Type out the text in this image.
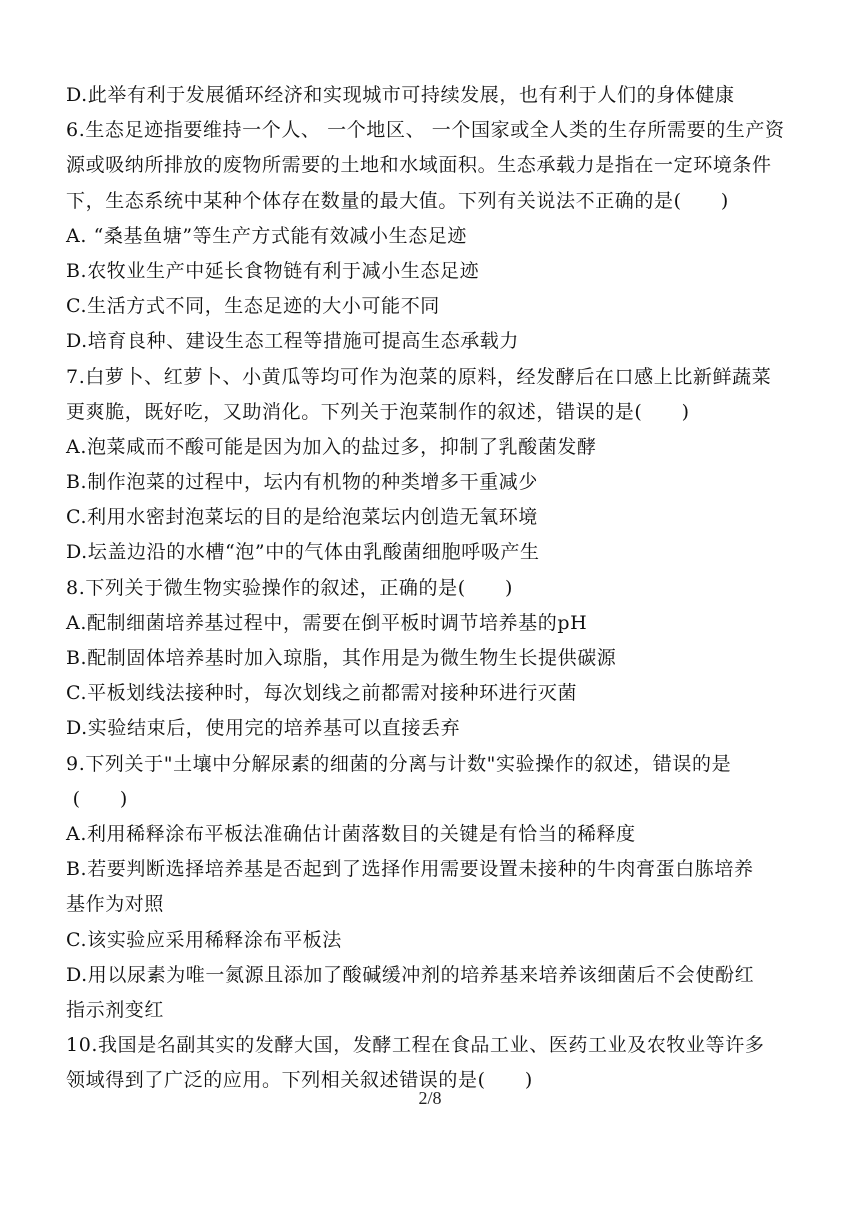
D.此举有利于发展循环经济和实现城市可持续发展，也有利于人们的身体健康
6.生态足迹指要维持一个人、 一个地区、 一个国家或全人类的生存所需要的生产资
源或吸纳所排放的废物所需要的土地和水域面积。生态承载力是指在一定环境条件
下，生态系统中某种个体存在数量的最大值。下列有关说法不正确的是(　　)
A. “桑基鱼塘”等生产方式能有效减小生态足迹
B.农牧业生产中延长食物链有利于减小生态足迹
C.生活方式不同，生态足迹的大小可能不同
D.培育良种、建设生态工程等措施可提高生态承载力
7.白萝卜、红萝卜、小黄瓜等均可作为泡菜的原料，经发酵后在口感上比新鲜蔬菜
更爽脆，既好吃，又助消化。下列关于泡菜制作的叙述，错误的是(　　)
A.泡菜咸而不酸可能是因为加入的盐过多，抑制了乳酸菌发酵
B.制作泡菜的过程中，坛内有机物的种类增多干重减少
C.利用水密封泡菜坛的目的是给泡菜坛内创造无氧环境
D.坛盖边沿的水槽“泡”中的气体由乳酸菌细胞呼吸产生
8.下列关于微生物实验操作的叙述，正确的是(　　)
A.配制细菌培养基过程中，需要在倒平板时调节培养基的pH
B.配制固体培养基时加入琼脂，其作用是为微生物生长提供碳源
C.平板划线法接种时，每次划线之前都需对接种环进行灭菌
D.实验结束后，使用完的培养基可以直接丢弃
9.下列关于"土壤中分解尿素的细菌的分离与计数"实验操作的叙述，错误的是
(　　)
A.利用稀释涂布平板法准确估计菌落数目的关键是有恰当的稀释度
B.若要判断选择培养基是否起到了选择作用需要设置未接种的牛肉膏蛋白胨培养
基作为对照
C.该实验应采用稀释涂布平板法
D.用以尿素为唯一氮源且添加了酸碱缓冲剂的培养基来培养该细菌后不会使酚红
指示剂变红
10.我国是名副其实的发酵大国，发酵工程在食品工业、医药工业及农牧业等许多
领域得到了广泛的应用。下列相关叙述错误的是(　　)
2/8
